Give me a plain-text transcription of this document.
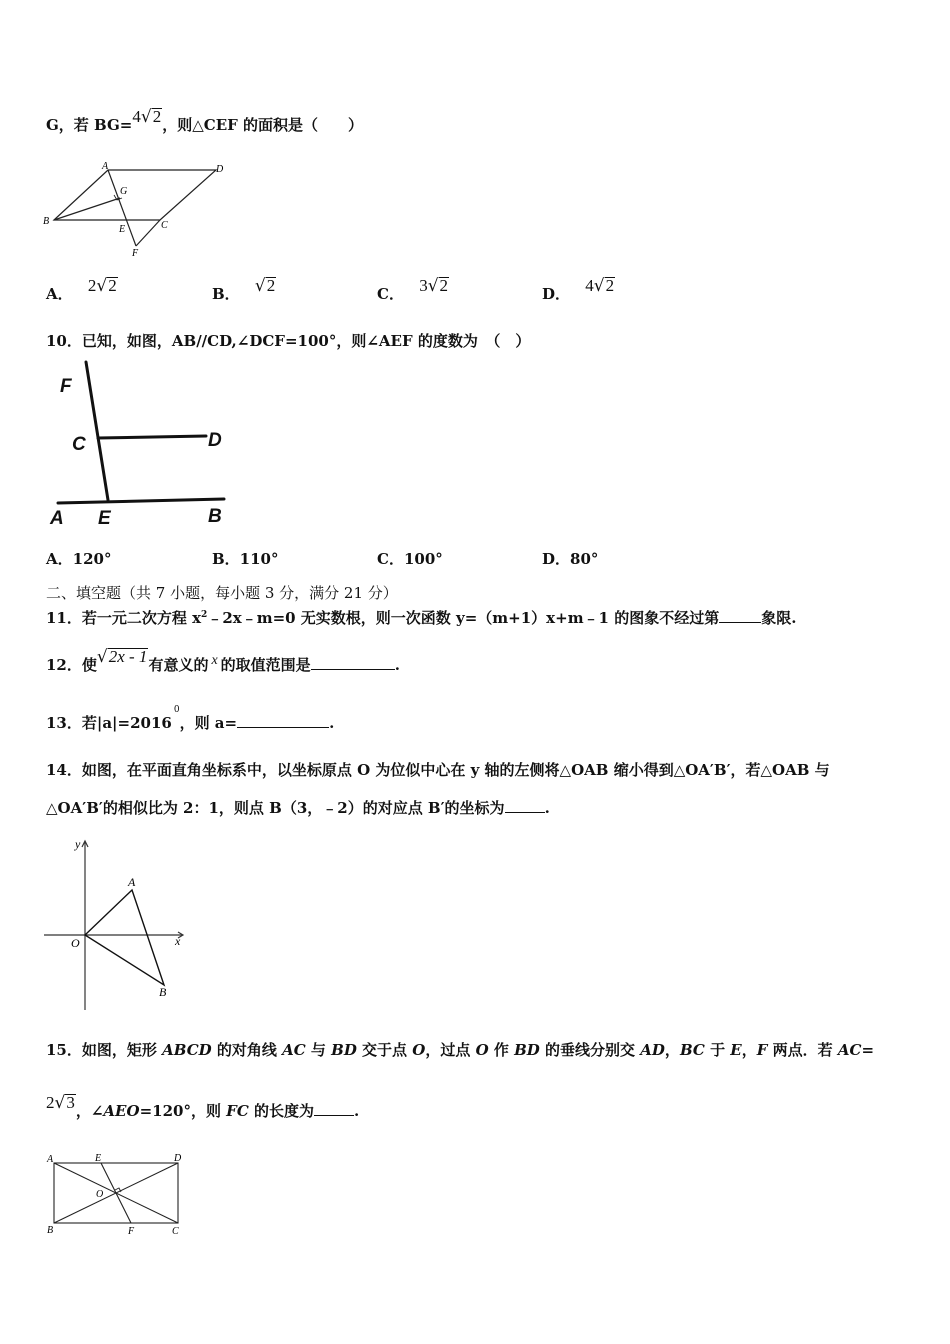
G，若 BG=4√2，则△CEF 的面积是（　　）
A
B	C
D
E
F
G
A． 2√2	B． √2	C． 3√2	D． 4√2
10．已知，如图，AB//CD,∠DCF=100°，则∠AEF 的度数为　（　）
F
C	D
A E	B
A．120°	B．110°	C．100°	D．80°
二、填空题（共 7 小题，每小题 3 分，满分 21 分）
11．若一元二次方程 $x^2﹣2x﹣m=0$ 无实数根，则一次函数 y=（m+1）x+m﹣1 的图象不经过第	象限.
12．使√2x - 1有意义的 x 的取值范围是	.
13．若$|a|=2016^0$，则 a=	.
14．如图，在平面直角坐标系中，以坐标原点 O 为位似中心在 y 轴的左侧将△OAB 缩小得到△OA′B′，若△OAB 与
△OA′B′的相似比为 2：1，则点 B（3，﹣2）的对应点 B′的坐标为	.
y
x
O
A
B
15．如图，矩形 ABCD 的对角线 AC 与 BD 交于点 O，过点 O 作 BD 的垂线分别交 AD，BC 于 E，F 两点．若 AC=
2√3，∠AEO=120°，则 FC 的长度为	.
A	E	D
O
B	F	C
